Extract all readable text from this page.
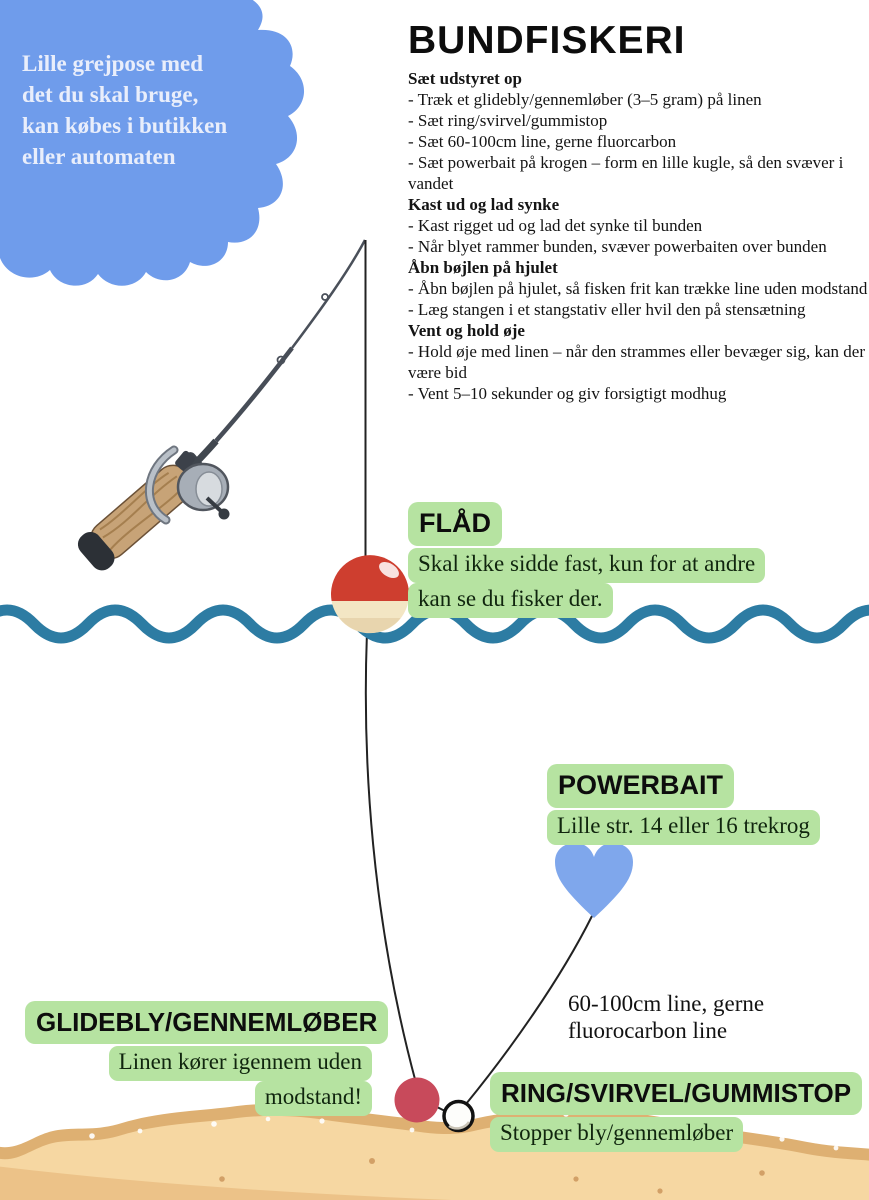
Lille grejpose med
det du skal bruge,
kan købes i butikken
eller automaten
BUNDFISKERI
Sæt udstyret op
- Træk et glidebly/gennemløber (3–5 gram) på linen
- Sæt ring/svirvel/gummistop
- Sæt 60-100cm line, gerne fluorcarbon
- Sæt powerbait på krogen – form en lille kugle, så den svæver i vandet
Kast ud og lad synke
- Kast rigget ud og lad det synke til bunden
- Når blyet rammer bunden, svæver powerbaiten over bunden
Åbn bøjlen på hjulet
- Åbn bøjlen på hjulet, så fisken frit kan trække line uden modstand
- Læg stangen i et stangstativ eller hvil den på stensætning
Vent og hold øje
- Hold øje med linen – når den strammes eller bevæger sig, kan der være bid
- Vent 5–10 sekunder og giv forsigtigt modhug
FLÅD
Skal ikke sidde fast, kun for at andre
kan se du fisker der.
POWERBAIT
Lille str. 14 eller 16 trekrog
GLIDEBLY/GENNEMLØBER
Linen kører igennem uden
modstand!	RING/SVIRVEL/GUMMISTOP
Stopper bly/gennemløber
60-100cm line, gerne
fluorocarbon line
